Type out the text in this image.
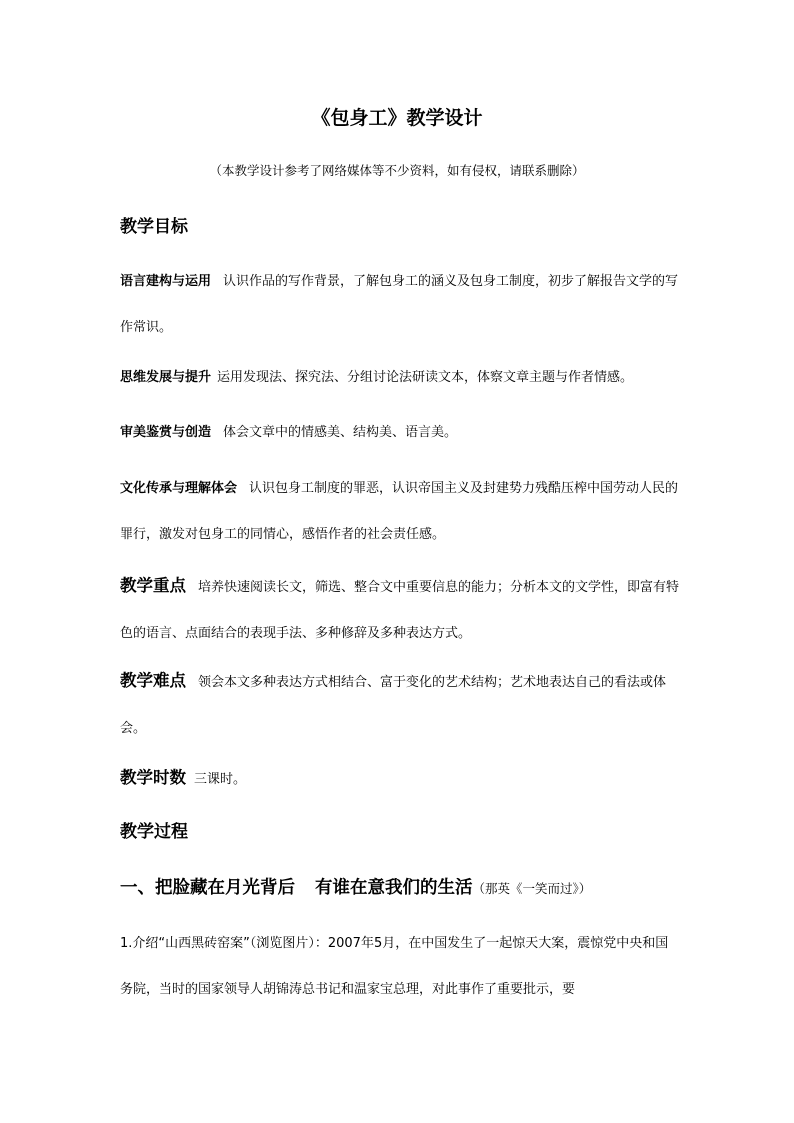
《包身工》教学设计
（本教学设计参考了网络媒体等不少资料，如有侵权，请联系删除）
教学目标
语言建构与运用 认识作品的写作背景，了解包身工的涵义及包身工制度，初步了解报告文学的写作常识。
思维发展与提升 运用发现法、探究法、分组讨论法研读文本，体察文章主题与作者情感。
审美鉴赏与创造 体会文章中的情感美、结构美、语言美。
文化传承与理解体会 认识包身工制度的罪恶，认识帝国主义及封建势力残酷压榨中国劳动人民的罪行，激发对包身工的同情心，感悟作者的社会责任感。
教学重点 培养快速阅读长文，筛选、整合文中重要信息的能力；分析本文的文学性，即富有特色的语言、点面结合的表现手法、多种修辞及多种表达方式。
教学难点 领会本文多种表达方式相结合、富于变化的艺术结构；艺术地表达自己的看法或体会。
教学时数 三课时。
教学过程
一、把脸藏在月光背后 有谁在意我们的生活（那英《一笑而过》）
1.介绍“山西黑砖窑案”（浏览图片）：2007年5月，在中国发生了一起惊天大案，震惊党中央和国务院，当时的国家领导人胡锦涛总书记和温家宝总理，对此事作了重要批示，要
